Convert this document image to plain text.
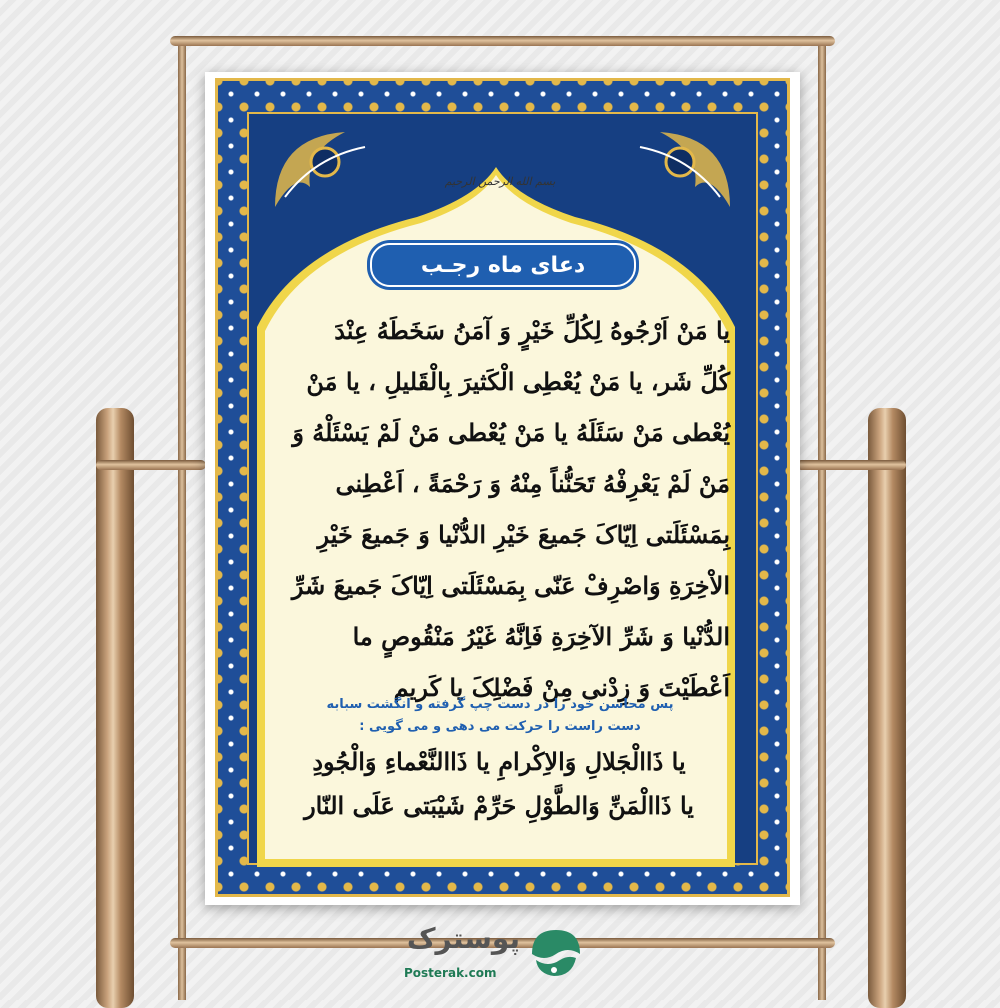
بسم الله الرحمن الرحیم
دعای ماه رجـب
یا مَنْ اَرْجُوهُ لِکُلِّ خَیْرٍ وَ آمَنُ سَخَطَهُ عِنْدَ
کُلِّ شَر، یا مَنْ یُعْطِی الْکَثیرَ بِالْقَلیلِ ، یا مَنْ
یُعْطی مَنْ سَئَلَهُ یا مَنْ یُعْطی مَنْ لَمْ یَسْئَلْهُ وَ
مَنْ لَمْ یَعْرِفْهُ تَحَنُّناً مِنْهُ وَ رَحْمَةً ، اَعْطِنی
بِمَسْئَلَتی اِیّاکَ جَمیعَ خَیْرِ الدُّنْیا وَ جَمیعَ خَیْرِ
الاْخِرَةِ وَاصْرِفْ عَنّی بِمَسْئَلَتی اِیّاکَ جَمیعَ شَرِّ
الدُّنْیا وَ شَرِّ الآخِرَةِ فَاِنَّهُ غَیْرُ مَنْقُوصٍ ما
اَعْطَیْتَ وَ زِدْنی مِنْ فَضْلِکَ یا کَریم
پس محاسن خود را در دست چپ گرفته و انگشت سبابه
دست راست را حرکت می دهی و می گویی :
یا ذَاالْجَلالِ وَالاِکْرامِ یا ذَاالنَّعْماءِ وَالْجُودِ
یا ذَاالْمَنِّ وَالطَّوْلِ حَرِّمْ شَیْبَتی عَلَی النّار
پوسترک
Posterak.com
